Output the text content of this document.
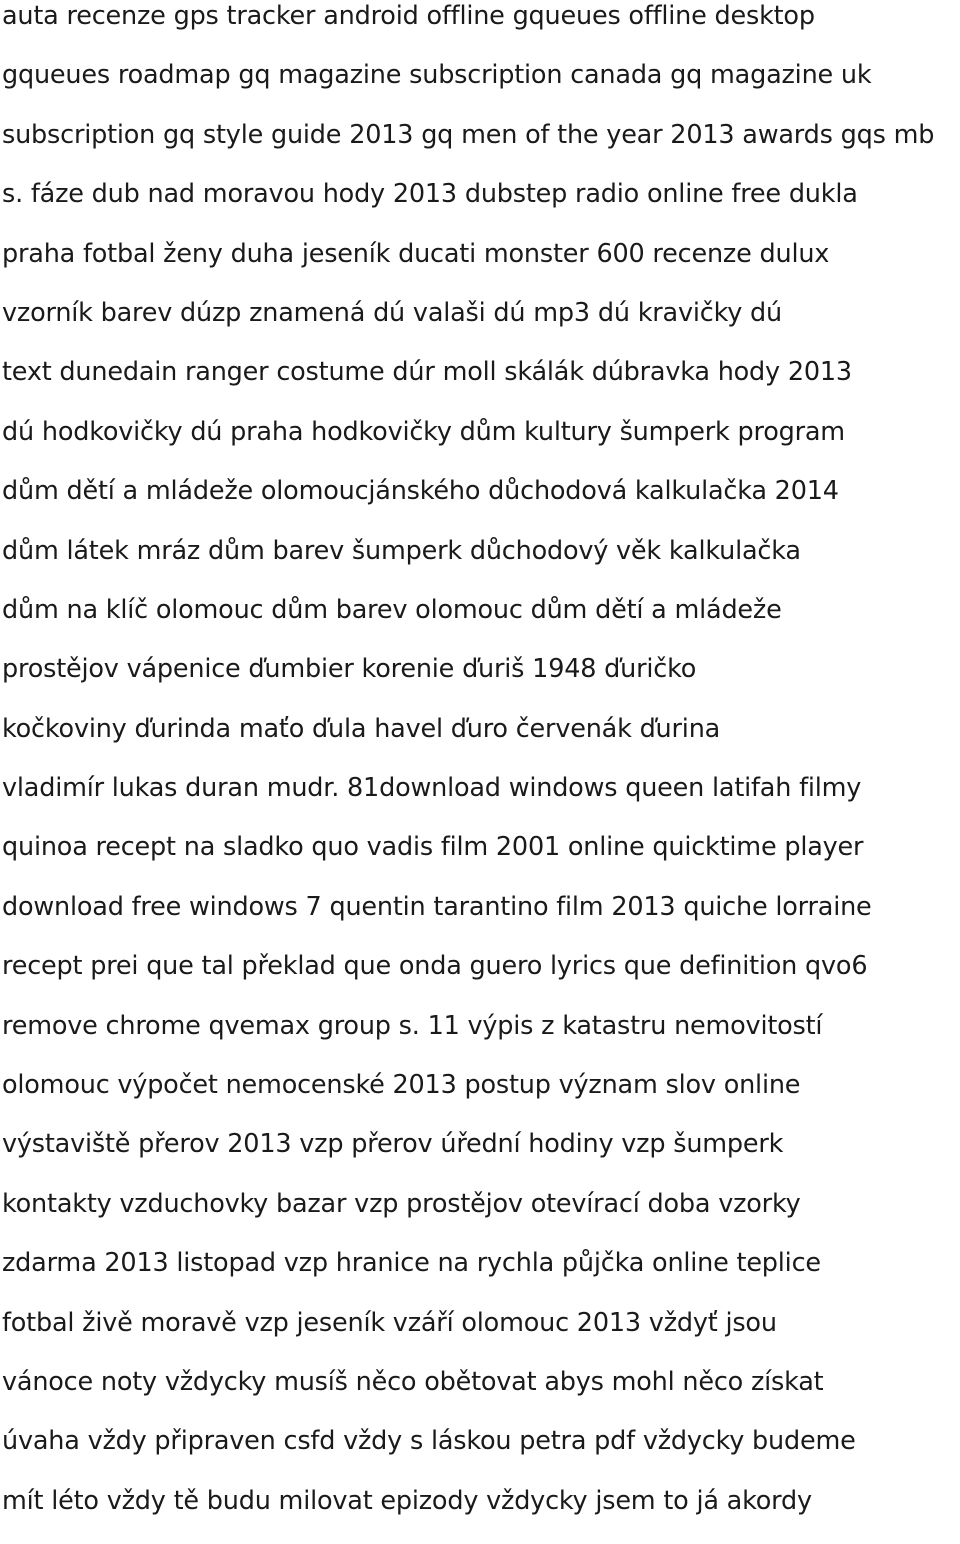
auta recenze gps tracker android offline gqueues offline desktop
gqueues roadmap gq magazine subscription canada gq magazine uk
subscription gq style guide 2013 gq men of the year 2013 awards gqs mb
s. fáze dub nad moravou hody 2013 dubstep radio online free dukla
praha fotbal ženy duha jeseník ducati monster 600 recenze dulux
vzorník barev dúzp znamená dú valaši dú mp3 dú kravičky dú
text dunedain ranger costume dúr moll skálák dúbravka hody 2013
dú hodkovičky dú praha hodkovičky dům kultury šumperk program
dům dětí a mládeže olomoucjánského důchodová kalkulačka 2014
dům látek mráz dům barev šumperk důchodový věk kalkulačka
dům na klíč olomouc dům barev olomouc dům dětí a mládeže
prostějov vápenice ďumbier korenie ďuriš 1948 ďuričko
kočkoviny ďurinda maťo ďula havel ďuro červenák ďurina
vladimír lukas duran mudr. 81download windows queen latifah filmy
quinoa recept na sladko quo vadis film 2001 online quicktime player
download free windows 7 quentin tarantino film 2013 quiche lorraine
recept prei que tal překlad que onda guero lyrics que definition qvo6
remove chrome qvemax group s. 11 výpis z katastru nemovitostí
olomouc výpočet nemocenské 2013 postup význam slov online
výstaviště přerov 2013 vzp přerov úřední hodiny vzp šumperk
kontakty vzduchovky bazar vzp prostějov otevírací doba vzorky
zdarma 2013 listopad vzp hranice na rychla půjčka online teplice
fotbal živě moravě vzp jeseník vzáří olomouc 2013 vždyť jsou
vánoce noty vždycky musíš něco obětovat abys mohl něco získat
úvaha vždy připraven csfd vždy s láskou petra pdf vždycky budeme
mít léto vždy tě budu milovat epizody vždycky jsem to já akordy
